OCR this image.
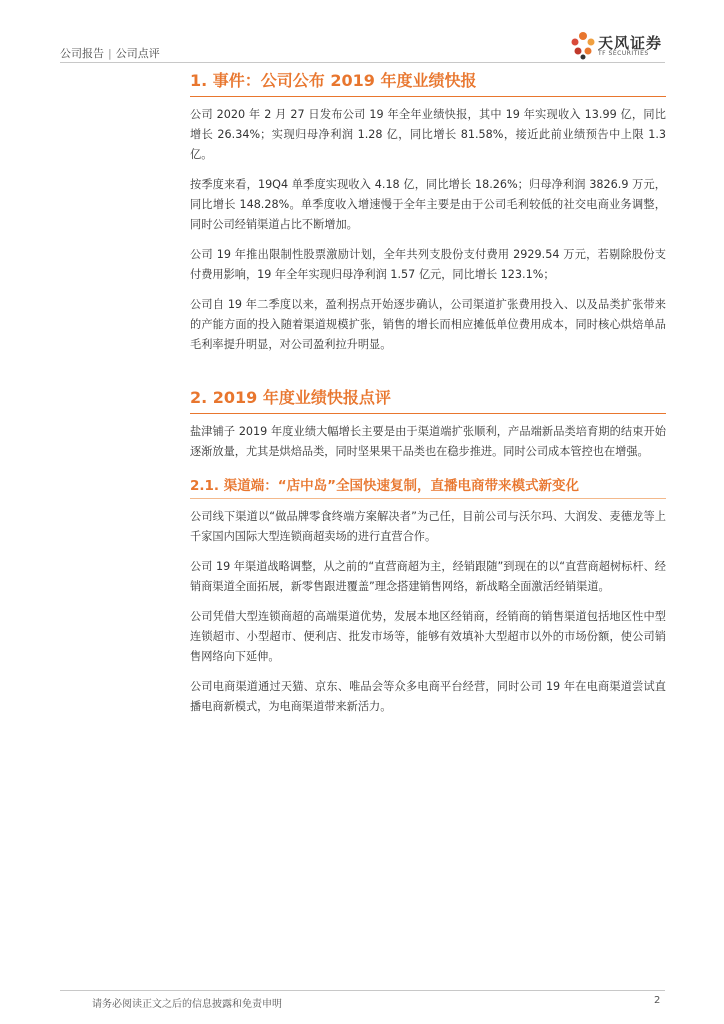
公司报告 | 公司点评
天风证券
TF SECURITIES
1. 事件：公司公布 2019 年度业绩快报

公司 2020 年 2 月 27 日发布公司 19 年全年业绩快报，其中 19 年实现收入 13.99 亿，同比增长 26.34%；实现归母净利润 1.28 亿，同比增长 81.58%，接近此前业绩预告中上限 1.3 亿。

按季度来看，19Q4 单季度实现收入 4.18 亿，同比增长 18.26%；归母净利润 3826.9 万元，同比增长 148.28%。单季度收入增速慢于全年主要是由于公司毛利较低的社交电商业务调整，同时公司经销渠道占比不断增加。

公司 19 年推出限制性股票激励计划，全年共列支股份支付费用 2929.54 万元，若剔除股份支付费用影响，19 年全年实现归母净利润 1.57 亿元，同比增长 123.1%；

公司自 19 年二季度以来，盈利拐点开始逐步确认，公司渠道扩张费用投入、以及品类扩张带来的产能方面的投入随着渠道规模扩张，销售的增长而相应摊低单位费用成本，同时核心烘焙单品毛利率提升明显，对公司盈利拉升明显。

2. 2019 年度业绩快报点评

盐津铺子 2019 年度业绩大幅增长主要是由于渠道端扩张顺利，产品端新品类培育期的结束开始逐渐放量，尤其是烘焙品类，同时坚果果干品类也在稳步推进。同时公司成本管控也在增强。

2.1. 渠道端：“店中岛”全国快速复制，直播电商带来模式新变化

公司线下渠道以“做品牌零食终端方案解决者”为己任，目前公司与沃尔玛、大润发、麦德龙等上千家国内国际大型连锁商超卖场的进行直营合作。

公司 19 年渠道战略调整，从之前的“直营商超为主，经销跟随”到现在的以“直营商超树标杆、经销商渠道全面拓展，新零售跟进覆盖”理念搭建销售网络，新战略全面激活经销渠道。

公司凭借大型连锁商超的高端渠道优势，发展本地区经销商，经销商的销售渠道包括地区性中型连锁超市、小型超市、便利店、批发市场等，能够有效填补大型超市以外的市场份额，使公司销售网络向下延伸。

公司电商渠道通过天猫、京东、唯品会等众多电商平台经营，同时公司 19 年在电商渠道尝试直播电商新模式，为电商渠道带来新活力。

请务必阅读正文之后的信息披露和免责申明	2
